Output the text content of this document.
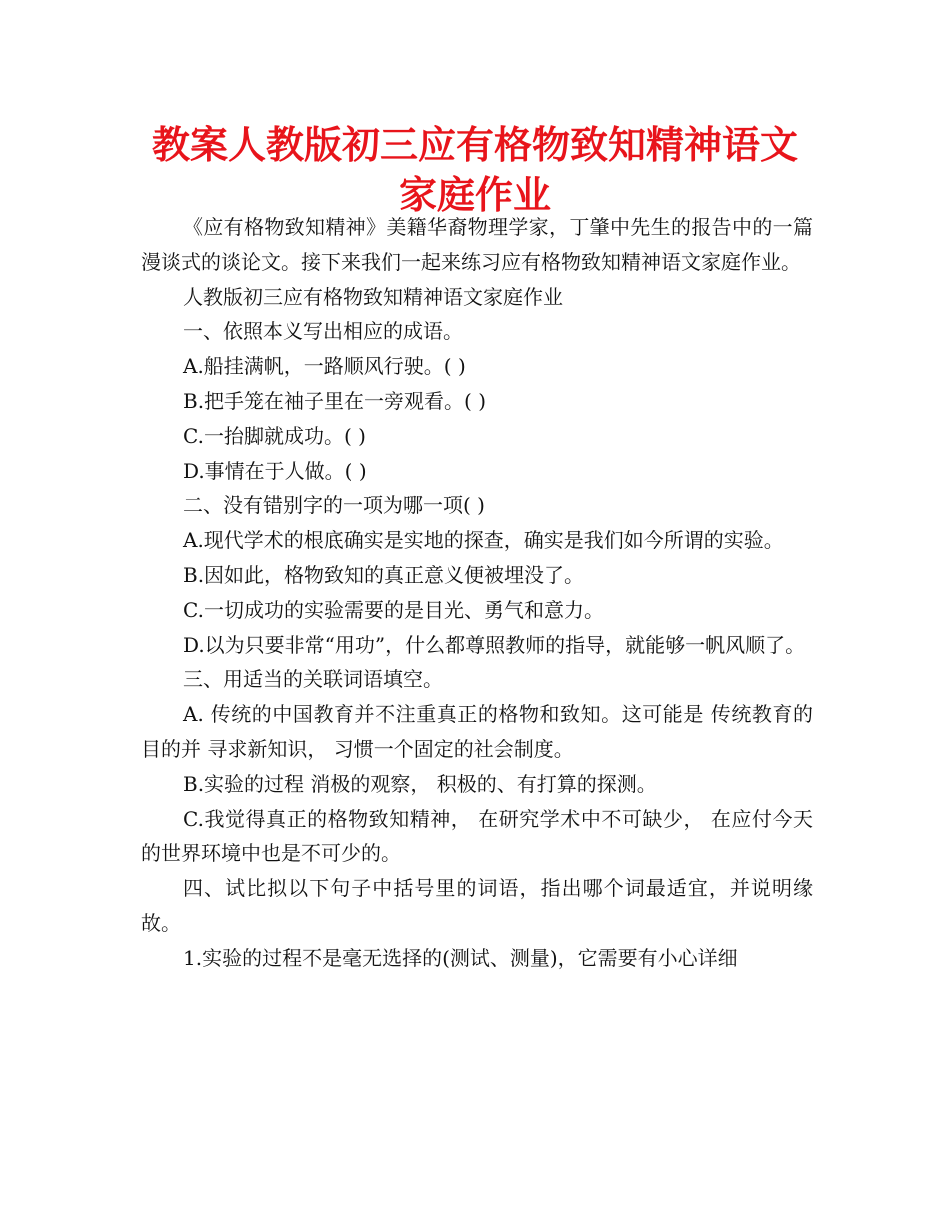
教案人教版初三应有格物致知精神语文家庭作业

《应有格物致知精神》美籍华裔物理学家，丁肇中先生的报告中的一篇漫谈式的谈论文。接下来我们一起来练习应有格物致知精神语文家庭作业。

人教版初三应有格物致知精神语文家庭作业

一、依照本义写出相应的成语。

A.船挂满帆，一路顺风行驶。( )

B.把手笼在袖子里在一旁观看。( )

C.一抬脚就成功。( )

D.事情在于人做。( )

二、没有错别字的一项为哪一项( )

A.现代学术的根底确实是实地的探查，确实是我们如今所谓的实验。

B.因如此，格物致知的真正意义便被埋没了。

C.一切成功的实验需要的是目光、勇气和意力。

D.以为只要非常“用功”，什么都尊照教师的指导，就能够一帆风顺了。

三、用适当的关联词语填空。

A. 传统的中国教育并不注重真正的格物和致知。这可能是 传统教育的目的并 寻求新知识， 习惯一个固定的社会制度。

B.实验的过程 消极的观察， 积极的、有打算的探测。

C.我觉得真正的格物致知精神， 在研究学术中不可缺少， 在应付今天的世界环境中也是不可少的。

四、试比拟以下句子中括号里的词语，指出哪个词最适宜，并说明缘故。

1.实验的过程不是毫无选择的(测试、测量)，它需要有小心详细
